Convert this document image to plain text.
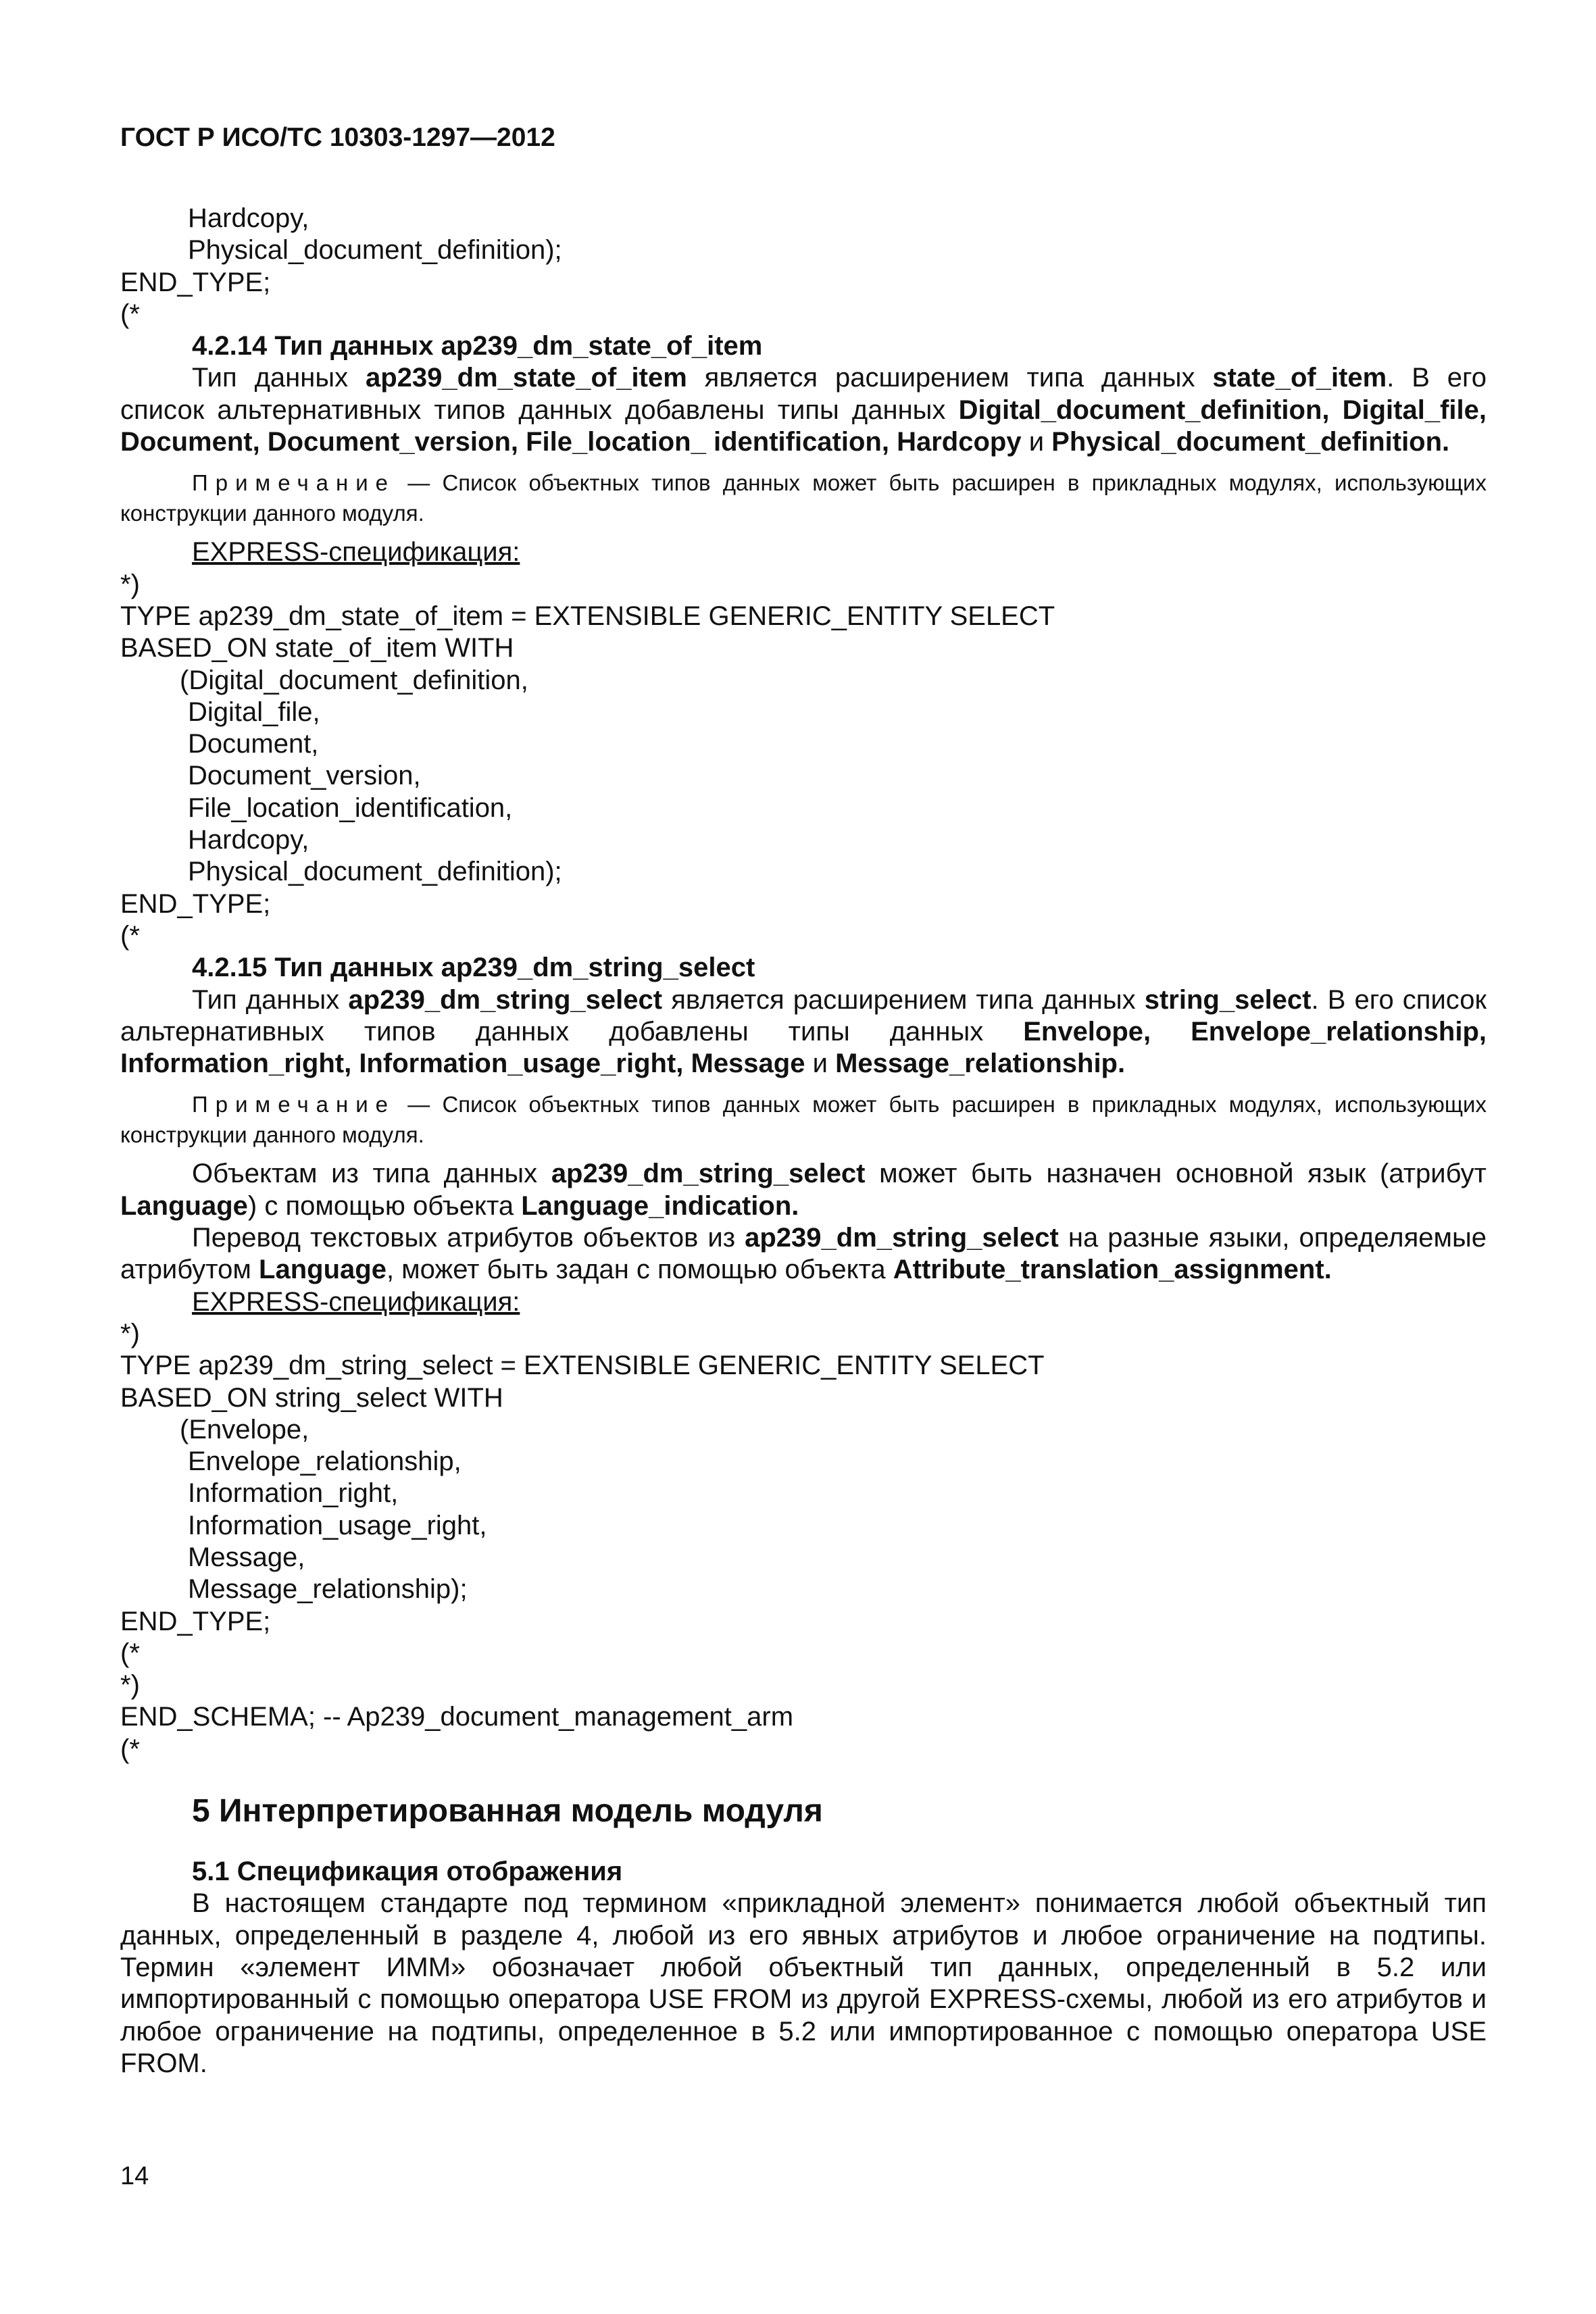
ГОСТ Р ИСО/ТС 10303-1297—2012
Hardcopy,
Physical_document_definition);
END_TYPE;
(*
4.2.14 Тип данных ap239_dm_state_of_item

Тип данных ap239_dm_state_of_item является расширением типа данных state_of_item. В его список альтернативных типов данных добавлены типы данных Digital_document_definition, Digital_file, Document, Document_version, File_location_ identification, Hardcopy и Physical_document_definition.

Примечание — Список объектных типов данных может быть расширен в прикладных модулях, использующих конструкции данного модуля.
EXPRESS-спецификация:
*)
TYPE ap239_dm_state_of_item = EXTENSIBLE GENERIC_ENTITY SELECT
BASED_ON state_of_item WITH
(Digital_document_definition,
Digital_file,
Document,
Document_version,
File_location_identification,
Hardcopy,
Physical_document_definition);
END_TYPE;
(*
4.2.15 Тип данных ap239_dm_string_select

Тип данных ap239_dm_string_select является расширением типа данных string_select. В его список альтернативных типов данных добавлены типы данных Envelope, Envelope_relationship, Information_right, Information_usage_right, Message и Message_relationship.

Примечание — Список объектных типов данных может быть расширен в прикладных модулях, использующих конструкции данного модуля.

Объектам из типа данных ap239_dm_string_select может быть назначен основной язык (атрибут Language) с помощью объекта Language_indication.

Перевод текстовых атрибутов объектов из ap239_dm_string_select на разные языки, определяемые атрибутом Language, может быть задан с помощью объекта Attribute_translation_assignment.

EXPRESS-спецификация:
*)
TYPE ap239_dm_string_select = EXTENSIBLE GENERIC_ENTITY SELECT
BASED_ON string_select WITH
(Envelope,
Envelope_relationship,
Information_right,
Information_usage_right,
Message,
Message_relationship);
END_TYPE;
(*
*)
END_SCHEMA; -- Ap239_document_management_arm
(*
5 Интерпретированная модель модуля
5.1 Спецификация отображения

В настоящем стандарте под термином «прикладной элемент» понимается любой объектный тип данных, определенный в разделе 4, любой из его явных атрибутов и любое ограничение на подтипы. Термин «элемент ИММ» обозначает любой объектный тип данных, определенный в 5.2 или импортированный с помощью оператора USE FROM из другой EXPRESS-схемы, любой из его атрибутов и любое ограничение на подтипы, определенное в 5.2 или импортированное с помощью оператора USE FROM.

14
